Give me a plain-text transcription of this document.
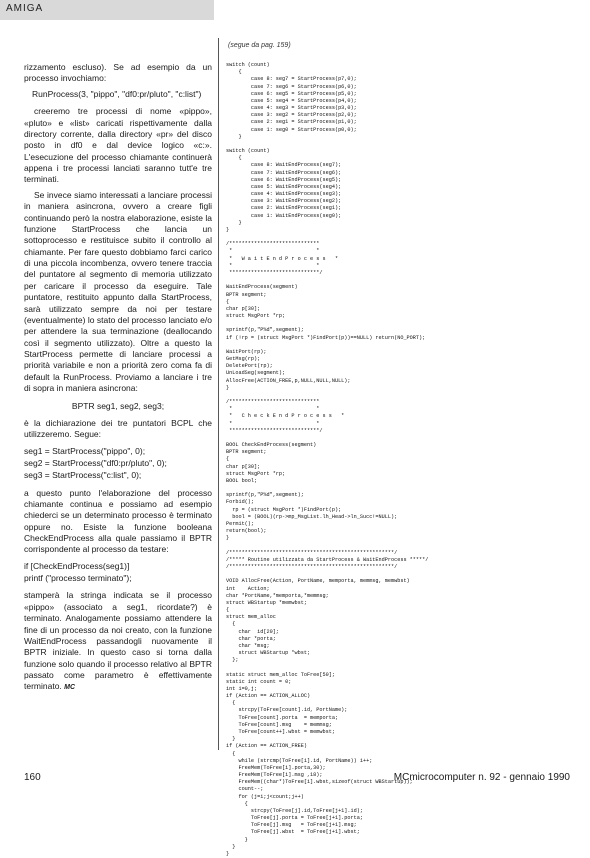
AMIGA

rizzamento escluso). Se ad esempio da un processo invochiamo:

RunProcess(3, "pippo", "df0:pr/pluto", "c:list")

creeremo tre processi di nome «pippo», «pluto» e «list» caricati rispettivamente dalla directory corrente, dalla directory «pr» del disco posto in df0 e dal device logico «c:». L'esecuzione del processo chiamante continuerà appena i tre processi lanciati saranno tutt'e tre terminati.

Se invece siamo interessati a lanciare processi in maniera asincrona, ovvero a creare figli continuando però la nostra elaborazione, esiste la funzione StartProcess che lancia un sottoprocesso e restituisce subito il controllo al chiamante. Per fare questo dobbiamo farci carico di una piccola incombenza, ovvero tenere traccia del puntatore al segmento di memoria utilizzato per caricare il processo da eseguire. Tale puntatore, restituito appunto dalla StartProcess, sarà utilizzato sempre da noi per testare (eventualmente) lo stato del processo lanciato e/o per attendere la sua terminazione (deallocando così il segmento utilizzato). Oltre a questo la StartProcess permette di lanciare processi a priorità variabile e non a priorità zero coma fa di default la RunProcess. Proviamo a lanciare i tre di sopra in maniera asincrona:

BPTR seg1, seg2, seg3;

è la dichiarazione dei tre puntatori BCPL che utilizzeremo. Segue:

seg1 = StartProcess("pippo", 0);
seg2 = StartProcess("df0:pr/pluto", 0);
seg3 = StartProcess("c:list", 0);

a questo punto l'elaborazione del processo chiamante continua e possiamo ad esempio chiederci se un determinato processo è terminato oppure no. Esiste la funzione booleana CheckEndProcess alla quale passiamo il BPTR corrispondente al processo da testare:

if [CheckEndProcess(seg1)]
printf ("processo terminato");

stamperà la stringa indicata se il processo «pippo» (associato a seg1, ricordate?) è terminato. Analogamente possiamo attendere la fine di un processo da noi creato, con la funzione WaitEndProcess passandogli nuovamente il BPTR iniziale. In questo caso si torna dalla funzione solo quando il processo relativo al BPTR passato come parametro è effettivamente terminato. MC

(segue da pag. 159)
switch (count)
{
case 8: seg7 = StartProcess(p7,0);
case 7: seg6 = StartProcess(p6,0);
case 6: seg5 = StartProcess(p5,0);
case 5: seg4 = StartProcess(p4,0);
case 4: seg3 = StartProcess(p3,0);
case 3: seg2 = StartProcess(p2,0);
case 2: seg1 = StartProcess(p1,0);
case 1: seg0 = StartProcess(p0,0);
}

switch (count)
{
case 8: WaitEndProcess(seg7);
case 7: WaitEndProcess(seg6);
case 6: WaitEndProcess(seg5);
case 5: WaitEndProcess(seg4);
case 4: WaitEndProcess(seg3);
case 3: WaitEndProcess(seg2);
case 2: WaitEndProcess(seg1);
case 1: WaitEndProcess(seg0);
}
}

/*****************************
*                           *
*   W a i t E n d P r o c e s s   *
*                           *
*****************************/

WaitEndProcess(segment)
BPTR segment;
{
char p[30];
struct MsgPort *rp;

sprintf(p,"P%d",segment);
if (!rp = (struct MsgPort *)FindPort(p))==NULL) return(NO_PORT);

WaitPort(rp);
GetMsg(rp);
DeletePort(rp);
UnLoadSeg(segment);
AllocFree(ACTION_FREE,p,NULL,NULL,NULL);
}

/*****************************
*                           *
*   C h e c k E n d P r o c e s s   *
*                           *
*****************************/

BOOL CheckEndProcess(segment)
BPTR segment;
{
char p[30];
struct MsgPort *rp;
BOOL bool;

sprintf(p,"P%d",segment);
Forbid();
rp = (struct MsgPort *)FindPort(p);
bool = (BOOL)(rp->mp_MsgList.lh_Head->ln_Succ!=NULL);
Permit();
return(bool);
}

/*****************************************************/
/***** Routine utilizzata da StartProcess & WaitEndProcess *****/
/*****************************************************/

VOID AllocFree(Action, PortName, memporta, memmsg, memwbst)
int    Action;
char *PortName,*memporta,*memmsg;
struct WBStartup *memwbst;
{
struct mem_alloc
{
char  id[20];
char *porta;
char *msg;
struct WBStartup *wbst;
};

static struct mem_alloc ToFree[50];
static int count = 0;
int i=0,j;
if (Action == ACTION_ALLOC)
{
strcpy(ToFree[count].id, PortName);
ToFree[count].porta  = memporta;
ToFree[count].msg    = memmsg;
ToFree[count++].wbst = memwbst;
}
if (Action == ACTION_FREE)
{
while (strcmp(ToFree[i].id, PortName)) i++;
FreeMem(ToFree[i].porta,30);
FreeMem(ToFree[i].msg ,18);
FreeMem((char*)ToFree[i].wbst,sizeof(struct WBStartup));
count--;
for (j=i;j<count;j++)
{
strcpy(ToFree[j].id,ToFree[j+1].id);
ToFree[j].porta = ToFree[j+1].porta;
ToFree[j].msg   = ToFree[j+1].msg;
ToFree[j].wbst  = ToFree[j+1].wbst;
}
}
}
160	MCmicrocomputer n. 92 - gennaio 1990
